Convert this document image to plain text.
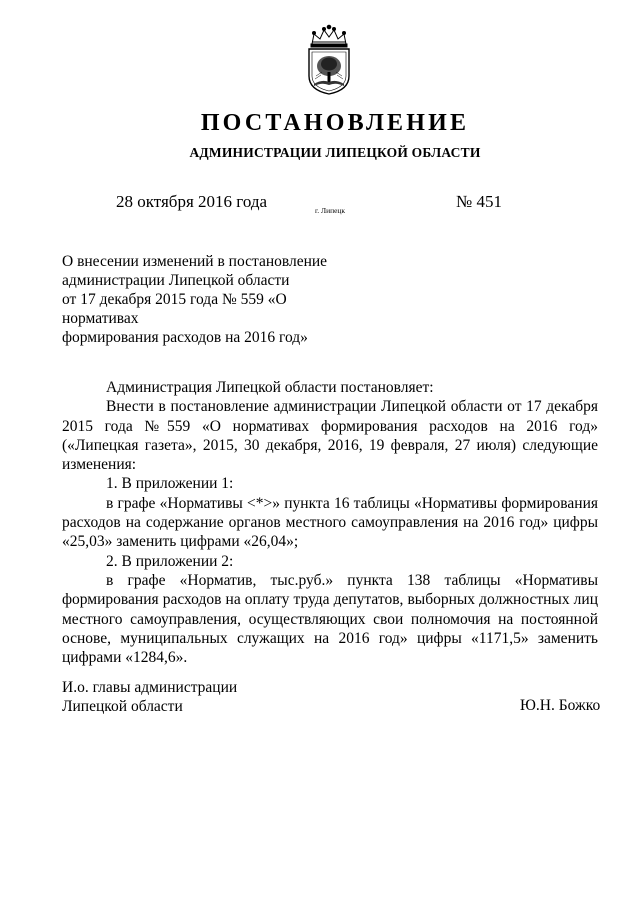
ПОСТАНОВЛЕНИЕ
АДМИНИСТРАЦИИ ЛИПЕЦКОЙ ОБЛАСТИ
28 октября 2016 года	г. Липецк	№ 451
О внесении изменений в постановление
администрации Липецкой области
от 17 декабря 2015 года № 559 «О нормативах
формирования расходов на 2016 год»

Администрация Липецкой области постановляет:

Внести в постановление администрации Липецкой области от 17 декабря 2015 года №559 «О нормативах формирования расходов на 2016 год» («Липецкая газета», 2015, 30 декабря, 2016, 19 февраля, 27 июля) следующие изменения:

1. В приложении 1:

в графе «Нормативы <*>» пункта 16 таблицы «Нормативы формирования расходов на содержание органов местного самоуправления на 2016 год» цифры «25,03» заменить цифрами «26,04»;

2. В приложении 2:

в графе «Норматив, тыс.руб.» пункта 138 таблицы «Нормативы формирования расходов на оплату труда депутатов, выборных должностных лиц местного самоуправления, осуществляющих свои полномочия на постоянной основе, муниципальных служащих на 2016 год» цифры «1171,5» заменить цифрами «1284,6».

И.о. главы администрации
Липецкой области	Ю.Н. Божко
